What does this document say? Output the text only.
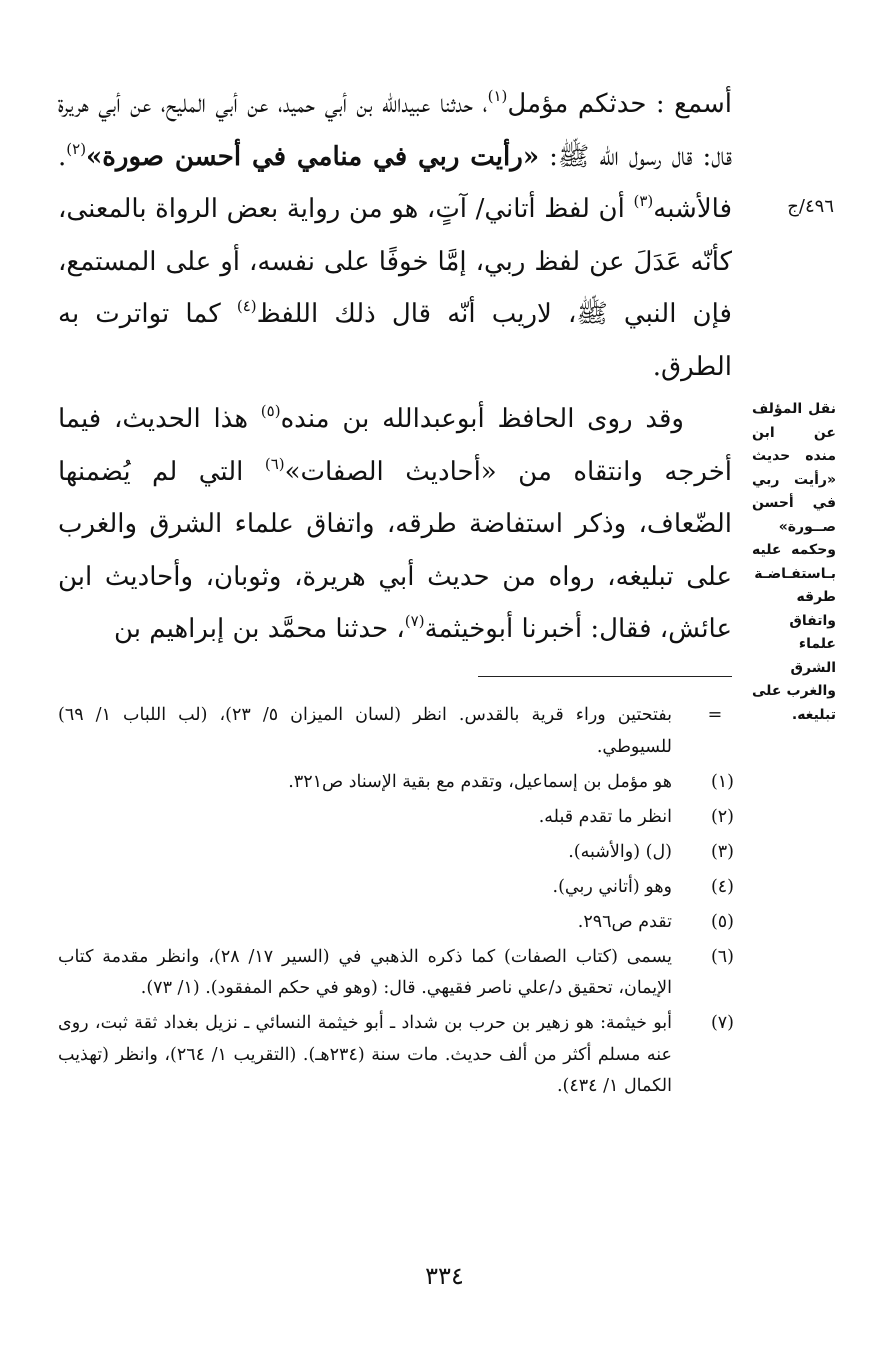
أسمع : حدثكم مؤمل$^{(١)}$، حدثنا عبيدالله بن أبي حميد، عن أبي المليح، عن أبي هريرة قال: قال رسول الله ﷺ: «رأيت ربي في منامي في أحسن صورة»$^{(٢)}$. فالأشبه$^{(٣)}$ أن لفظ أتاني/ آتٍ، هو من رواية بعض الرواة بالمعنى، كأنّه عَدَلَ عن لفظ ربي، إمَّا خوفًا على نفسه، أو على المستمع، فإن النبي ﷺ، لاريب أنّه قال ذلك اللفظ$^{(٤)}$ كما تواترت به الطرق.

وقد روى الحافظ أبوعبدالله بن منده$^{(٥)}$ هذا الحديث، فيما أخرجه وانتقاه من «أحاديث الصفات»$^{(٦)}$ التي لم يُضمنها الضّعاف، وذكر استفاضة طرقه، واتفاق علماء الشرق والغرب على تبليغه، رواه من حديث أبي هريرة، وثوبان، وأحاديث ابن عائش، فقال: أخبرنا أبوخيثمة$^{(٧)}$، حدثنا محمَّد بن إبراهيم بن

٤٩٦/ج
نقل المؤلف عن ابن منده حديث «رأيت ربي في أحسن صــورة» وحكمه عليه بـاستفـاضـة طرقه واتفاق علماء الشرق والغرب على تبليغه.
=
بفتحتين وراء قرية بالقدس. انظر (لسان الميزان ٥/ ٢٣)، (لب اللباب ١/ ٦٩) للسيوطي.
(١)
هو مؤمل بن إسماعيل، وتقدم مع بقية الإسناد ص٣٢١.
(٢)
انظر ما تقدم قبله.
(٣)
(ل) (والأشبه).
(٤)
وهو (أتاني ربي).
(٥)
تقدم ص٢٩٦.
(٦)
يسمى (كتاب الصفات) كما ذكره الذهبي في (السير ١٧/ ٢٨)، وانظر مقدمة كتاب الإيمان، تحقيق د/علي ناصر فقيهي. قال: (وهو في حكم المفقود). (١/ ٧٣).
(٧)
أبو خيثمة: هو زهير بن حرب بن شداد ـ أبو خيثمة النسائي ـ نزيل بغداد ثقة ثبت، روى عنه مسلم أكثر من ألف حديث. مات سنة (٢٣٤هـ). (التقريب ١/ ٢٦٤)، وانظر (تهذيب الكمال ١/ ٤٣٤).
٣٣٤
